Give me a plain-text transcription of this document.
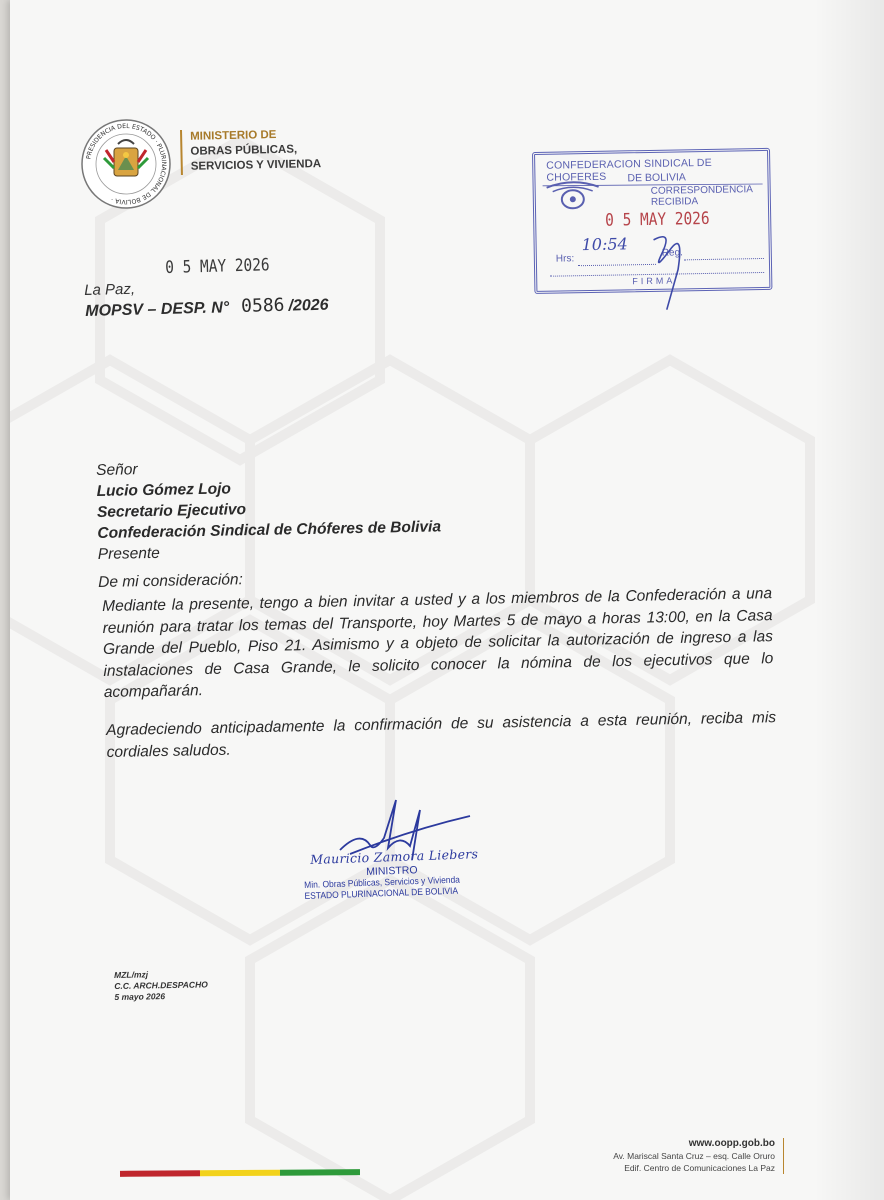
PRESIDENCIA DEL ESTADO · PLURINACIONAL DE BOLIVIA ·
MINISTERIO DE
OBRAS PÚBLICAS,
SERVICIOS Y VIVIENDA
0 5 MAY 2026
La Paz,
MOPSV – DESP. N° 0586 /2026
CONFEDERACION SINDICAL DE CHOFERES	DE BOLIVIA
CORRESPONDENCIA RECIBIDA
0 5 MAY 2026
Hrs:
10:54	Reg.
FIRMA
Señor
Lucio Gómez Lojo
Secretario Ejecutivo
Confederación Sindical de Chóferes de Bolivia
Presente
De mi consideración:
Mediante la presente, tengo a bien invitar a usted y a los miembros de la Confederación a una reunión para tratar los temas del Transporte, hoy Martes 5 de mayo a horas 13:00, en la Casa Grande del Pueblo, Piso 21. Asimismo y a objeto de solicitar la autorización de ingreso a las instalaciones de Casa Grande, le solicito conocer la nómina de los ejecutivos que lo acompañarán.
Agradeciendo anticipadamente la confirmación de su asistencia a esta reunión, reciba mis cordiales saludos.
Mauricio Zamora Liebers
MINISTRO
Min. Obras Públicas, Servicios y Vivienda
ESTADO PLURINACIONAL DE BOLIVIA
MZL/mzj
C.C. ARCH.DESPACHO
5 mayo 2026
www.oopp.gob.bo
Av. Mariscal Santa Cruz – esq. Calle Oruro
Edif. Centro de Comunicaciones La Paz
